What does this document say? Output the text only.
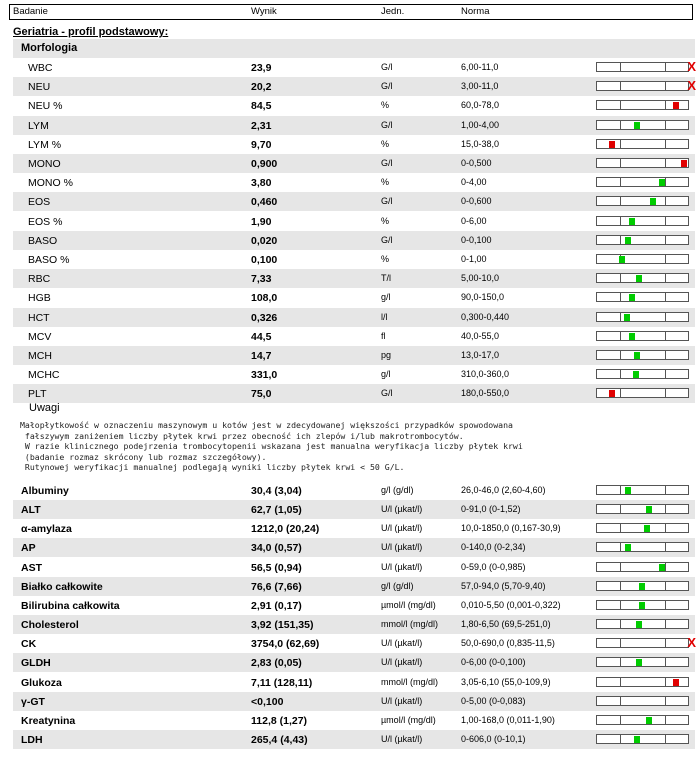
Badanie	Wynik	Jedn.	Norma
Geriatria - profil podstawowy:
Morfologia
WBC	23,9	G/l	6,00-11,0	X
NEU	20,2	G/l	3,00-11,0	X
NEU %	84,5	%	60,0-78,0
LYM	2,31	G/l	1,00-4,00
LYM %	9,70	%	15,0-38,0
MONO	0,900	G/l	0-0,500
MONO %	3,80	%	0-4,00
EOS	0,460	G/l	0-0,600
EOS %	1,90	%	0-6,00
BASO	0,020	G/l	0-0,100
BASO %	0,100	%	0-1,00
RBC	7,33	T/l	5,00-10,0
HGB	108,0	g/l	90,0-150,0
HCT	0,326	l/l	0,300-0,440
MCV	44,5	fl	40,0-55,0
MCH	14,7	pg	13,0-17,0
MCHC	331,0	g/l	310,0-360,0
PLT	75,0	G/l	180,0-550,0
Uwagi
Małopłytkowość w oznaczeniu maszynowym u kotów jest w zdecydowanej większości przypadków spowodowana
fałszywym zaniżeniem liczby płytek krwi przez obecność ich zlepów i/lub makrotrombocytów.
W razie klinicznego podejrzenia trombocytopenii wskazana jest manualna weryfikacja liczby płytek krwi
(badanie rozmaz skrócony lub rozmaz szczegółowy).
Rutynowej weryfikacji manualnej podlegają wyniki liczby płytek krwi < 50 G/L.
Albuminy	30,4 (3,04)	g/l (g/dl)	26,0-46,0 (2,60-4,60)
ALT	62,7 (1,05)	U/l (µkat/l)	0-91,0 (0-1,52)
α-amylaza	1212,0 (20,24)	U/l (µkat/l)	10,0-1850,0 (0,167-30,9)
AP	34,0 (0,57)	U/l (µkat/l)	0-140,0 (0-2,34)
AST	56,5 (0,94)	U/l (µkat/l)	0-59,0 (0-0,985)
Białko całkowite	76,6 (7,66)	g/l (g/dl)	57,0-94,0 (5,70-9,40)
Bilirubina całkowita	2,91 (0,17)	µmol/l (mg/dl)	0,010-5,50 (0,001-0,322)
Cholesterol	3,92 (151,35)	mmol/l (mg/dl)	1,80-6,50 (69,5-251,0)
CK	3754,0 (62,69)	U/l (µkat/l)	50,0-690,0 (0,835-11,5)	X
GLDH	2,83 (0,05)	U/l (µkat/l)	0-6,00 (0-0,100)
Glukoza	7,11 (128,11)	mmol/l (mg/dl)	3,05-6,10 (55,0-109,9)
γ-GT	<0,100	U/l (µkat/l)	0-5,00 (0-0,083)
Kreatynina	112,8 (1,27)	µmol/l (mg/dl)	1,00-168,0 (0,011-1,90)
LDH	265,4 (4,43)	U/l (µkat/l)	0-606,0 (0-10,1)
